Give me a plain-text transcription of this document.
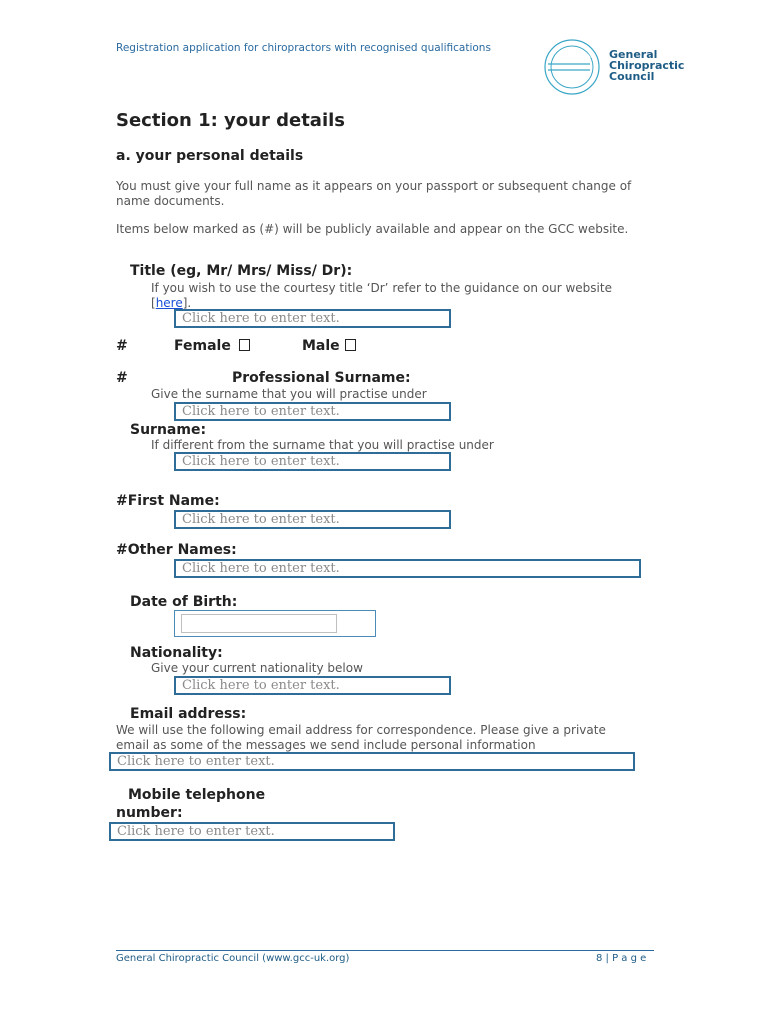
Registration application for chiropractors with recognised qualifications	General
Chiropractic
Council
Section 1: your details
a. your personal details

You must give your full name as it appears on your passport or subsequent change of name documents.

Items below marked as (#) will be publicly available and appear on the GCC website.

Title (eg, Mr/ Mrs/ Miss/ Dr):
If you wish to use the courtesy title ‘Dr’ refer to the guidance on our website [here].
Click here to enter text.
#	Female	Male
#	Professional Surname:
Give the surname that you will practise under
Click here to enter text.
Surname:
If different from the surname that you will practise under
Click here to enter text.
#First Name:
Click here to enter text.
#Other Names:
Click here to enter text.
Date of Birth:
Nationality:
Give your current nationality below
Click here to enter text.
Email address:
We will use the following email address for correspondence. Please give a private email as some of the messages we send include personal information
Click here to enter text.
Mobile telephone
number:
Click here to enter text.
General Chiropractic Council (www.gcc-uk.org)	8 | P a g e
